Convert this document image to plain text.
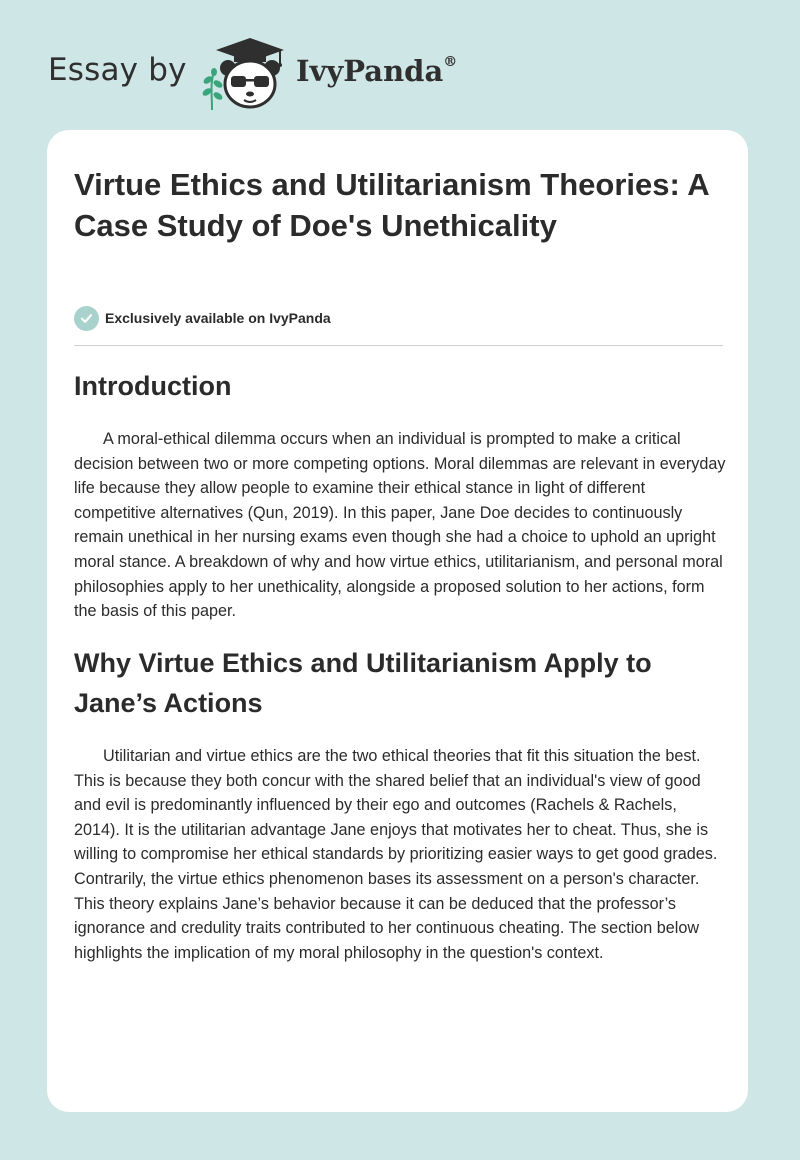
Essay by	IvyPanda®
Virtue Ethics and Utilitarianism Theories: A Case Study of Doe's Unethicality
Exclusively available on IvyPanda
Introduction

A moral-ethical dilemma occurs when an individual is prompted to make a critical decision between two or more competing options. Moral dilemmas are relevant in everyday life because they allow people to examine their ethical stance in light of different competitive alternatives (Qun, 2019). In this paper, Jane Doe decides to continuously remain unethical in her nursing exams even though she had a choice to uphold an upright moral stance. A breakdown of why and how virtue ethics, utilitarianism, and personal moral philosophies apply to her unethicality, alongside a proposed solution to her actions, form the basis of this paper.

Why Virtue Ethics and Utilitarianism Apply to Jane’s Actions

Utilitarian and virtue ethics are the two ethical theories that fit this situation the best. This is because they both concur with the shared belief that an individual's view of good and evil is predominantly influenced by their ego and outcomes (Rachels & Rachels, 2014). It is the utilitarian advantage Jane enjoys that motivates her to cheat. Thus, she is willing to compromise her ethical standards by prioritizing easier ways to get good grades. Contrarily, the virtue ethics phenomenon bases its assessment on a person's character. This theory explains Jane’s behavior because it can be deduced that the professor’s ignorance and credulity traits contributed to her continuous cheating. The section below highlights the implication of my moral philosophy in the question's context.
